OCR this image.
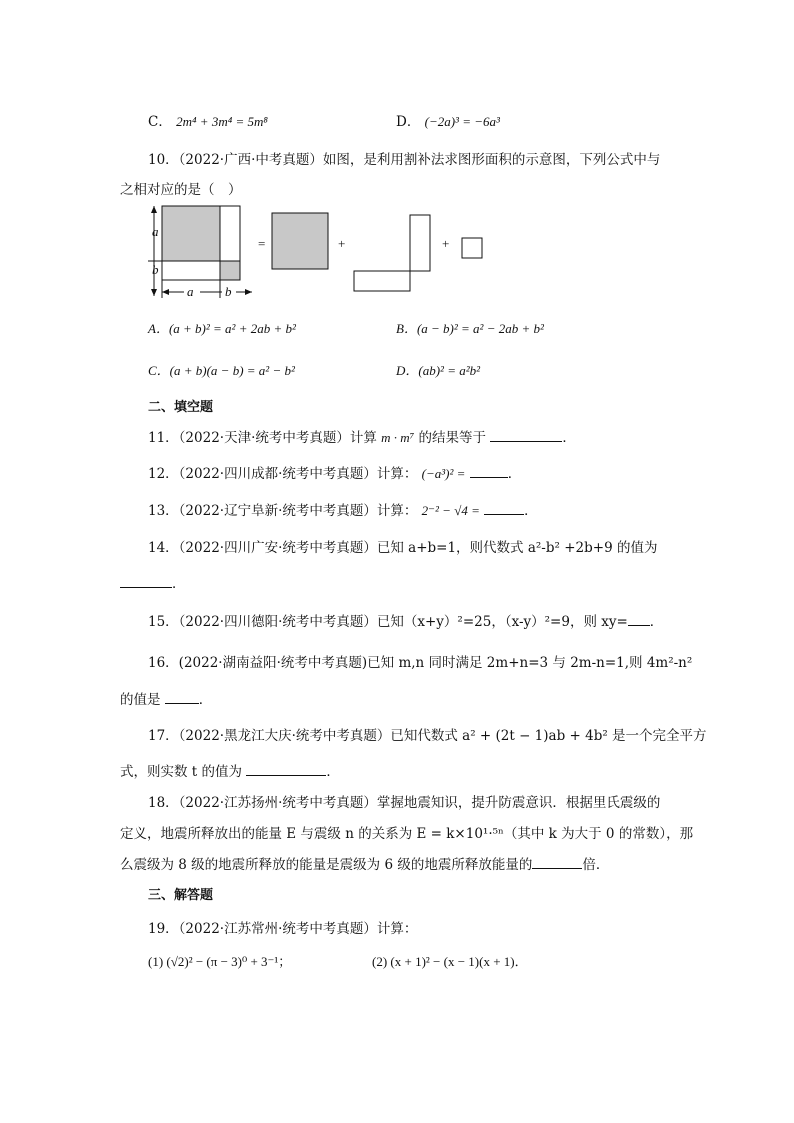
C． 2m⁴ + 3m⁴ = 5m⁸	D． (−2a)³ = −6a³
10．（2022·广西·中考真题）如图，是利用割补法求图形面积的示意图，下列公式中与
之相对应的是（　）
a
b
a b
=	+	+
A．(a + b)² = a² + 2ab + b²	B．(a − b)² = a² − 2ab + b²
C．(a + b)(a − b) = a² − b²	D．(ab)² = a²b²
二、填空题
11．（2022·天津·统考中考真题）计算 m · m⁷ 的结果等于	．
12．（2022·四川成都·统考中考真题）计算： (−a³)² =	．
13．（2022·辽宁阜新·统考中考真题）计算： 2⁻² − √4 =	．
14．（2022·四川广安·统考中考真题）已知 a+b=1，则代数式 a²-b² +2b+9 的值为
．
15．（2022·四川德阳·统考中考真题）已知（x+y）²=25，（x-y）²=9，则 xy= ．
16．(2022·湖南益阳·统考中考真题)已知 m,n 同时满足 2m+n=3 与 2m-n=1,则 4m²-n²
的值是	．
17．（2022·黑龙江大庆·统考中考真题）已知代数式 a² + (2t − 1)ab + 4b² 是一个完全平方
式，则实数 t 的值为	．
18．（2022·江苏扬州·统考中考真题）掌握地震知识，提升防震意识．根据里氏震级的
定义，地震所释放出的能量 E 与震级 n 的关系为 E = k×10¹·⁵ⁿ（其中 k 为大于 0 的常数），那
么震级为 8 级的地震所释放的能量是震级为 6 级的地震所释放能量的	倍．
三、解答题
19．（2022·江苏常州·统考中考真题）计算：
(1) (√2)² − (π − 3)⁰ + 3⁻¹；	(2) (x + 1)² − (x − 1)(x + 1)．
